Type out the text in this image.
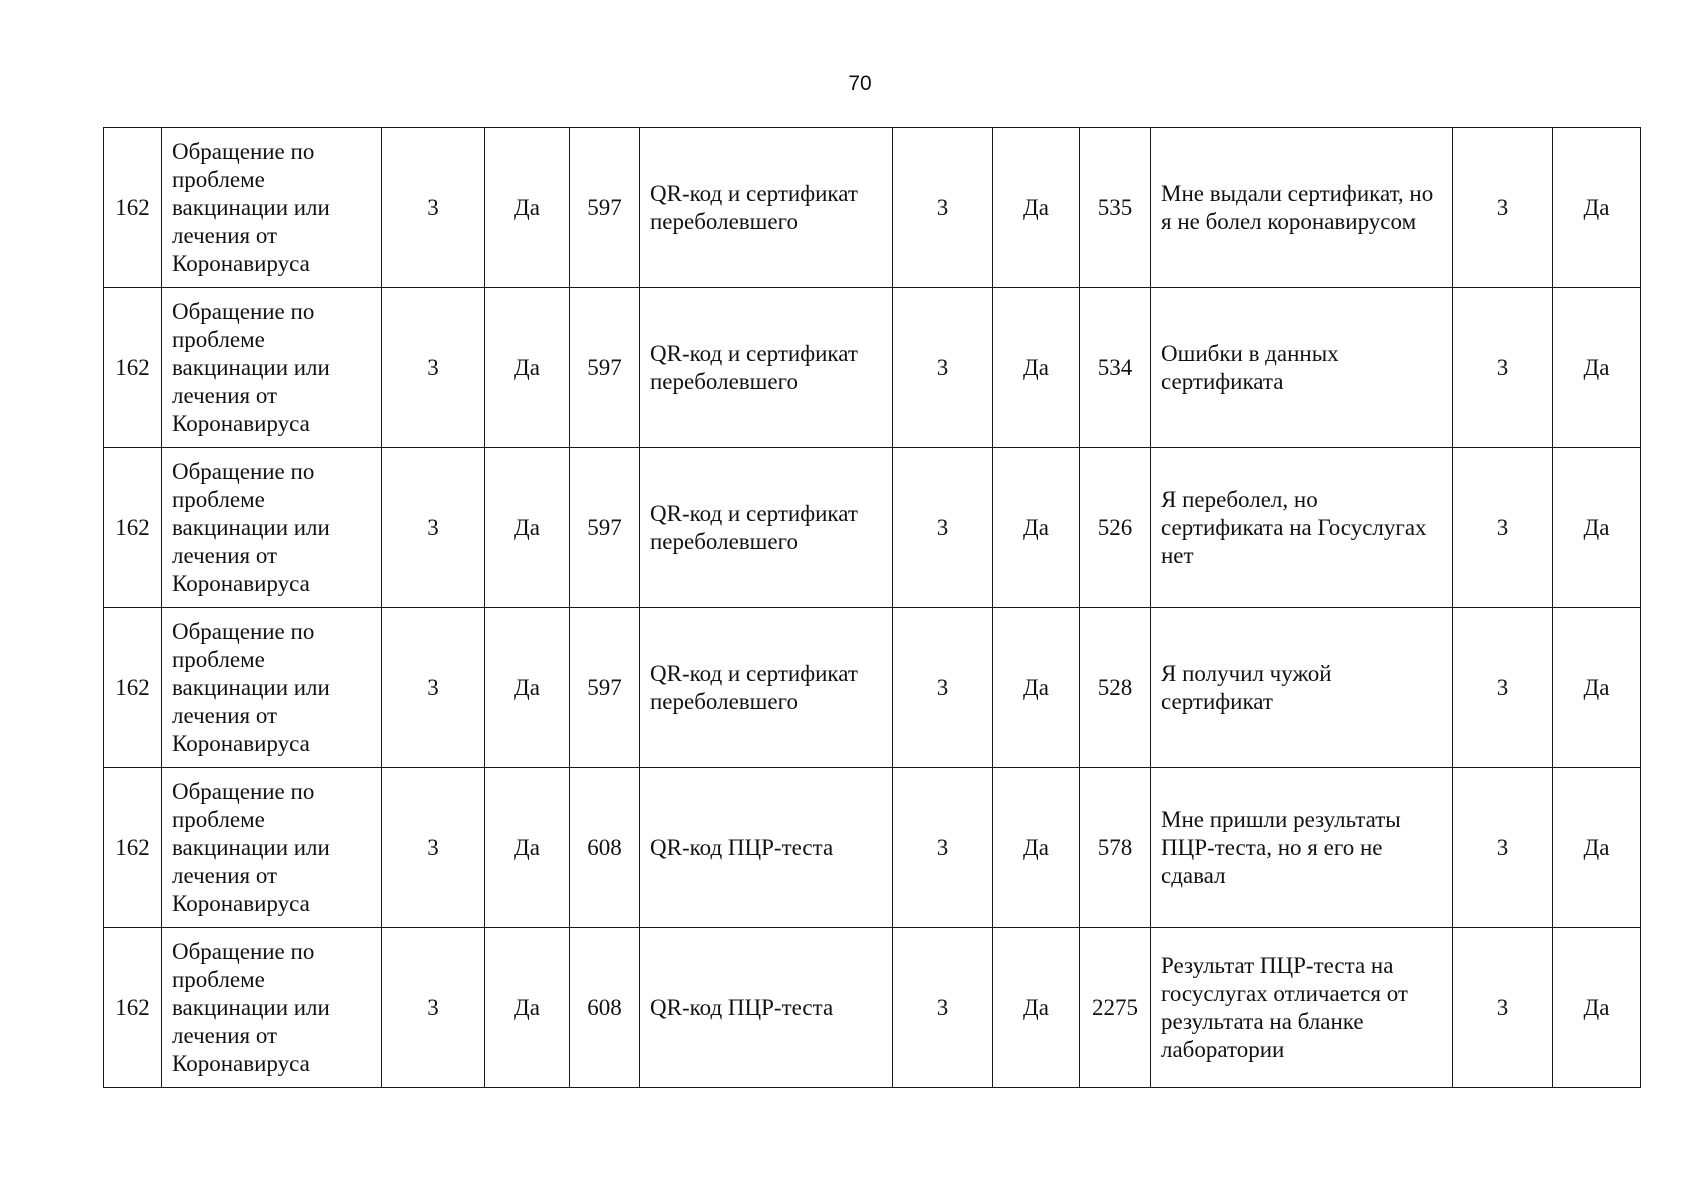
70
162	Обращение по проблеме вакцинации или лечения от Коронавируса	3	Да	597	QR-код и сертификат переболевшего	3	Да	535	Мне выдали сертификат, но я не болел коронавирусом	3	Да
162	Обращение по проблеме вакцинации или лечения от Коронавируса	3	Да	597	QR-код и сертификат переболевшего	3	Да	534	Ошибки в данных сертификата	3	Да
162	Обращение по проблеме вакцинации или лечения от Коронавируса	3	Да	597	QR-код и сертификат переболевшего	3	Да	526	Я переболел, но сертификата на Госуслугах нет	3	Да
162	Обращение по проблеме вакцинации или лечения от Коронавируса	3	Да	597	QR-код и сертификат переболевшего	3	Да	528	Я получил чужой сертификат	3	Да
162	Обращение по проблеме вакцинации или лечения от Коронавируса	3	Да	608	QR-код ПЦР-теста	3	Да	578	Мне пришли результаты ПЦР-теста, но я его не сдавал	3	Да
162	Обращение по проблеме вакцинации или лечения от Коронавируса	3	Да	608	QR-код ПЦР-теста	3	Да	2275	Результат ПЦР-теста на госуслугах отличается от результата на бланке лаборатории	3	Да
